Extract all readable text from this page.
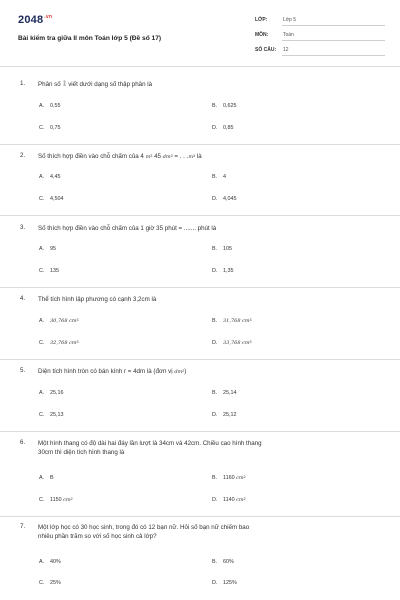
$2048^{.vn}$
Bài kiểm tra giữa II môn Toán lớp 5 (Đề số 17)
LỚP:	Lớp 5
MÔN:	Toán
SỐ CÂU: 12
1. Phân số 5
8 viết dưới dạng số thập phân là
A. 0,55	B. 0,625
C. 0,75	D. 0,85
2. Số thích hợp điền vào chỗ chấm của 4 $m^3$ 45 $dm^3$ = . . $.m^3$ là
A. 4,45	B. 4
C. 4,504	D. 4,045
3. Số thích hợp điền vào chỗ chấm của 1 giờ 35 phút = ....... phút là
A. 95	B. 105
C. 135	D. 1,35
4. Thể tích hình lập phương có cạnh 3,2cm là
A. 30,768 $cm^3$	B. 31,768 $cm^3$
C. 32,768 $cm^3$	D. 33,768 $cm^3$
5. Diện tích hình tròn có bán kính r = 4dm là (đơn vị $dm^2$)
A. 25,16	B. 25,14
C. 25,13	D. 25,12
6. Một hình thang có độ dài hai đáy lần lượt là 34cm và 42cm. Chiều cao hình thang
30cm thì diện tích hình thang là
A. B	B. 1160 $cm^2$
C. 1150 $cm^2$	D. 1140 $cm^2$
7. Một lớp học có 30 học sinh, trong đó có 12 bạn nữ. Hỏi số bạn nữ chiếm bao
nhiêu phần trăm so với số học sinh cả lớp?
A. 40%	B. 60%
C. 25%	D. 125%
